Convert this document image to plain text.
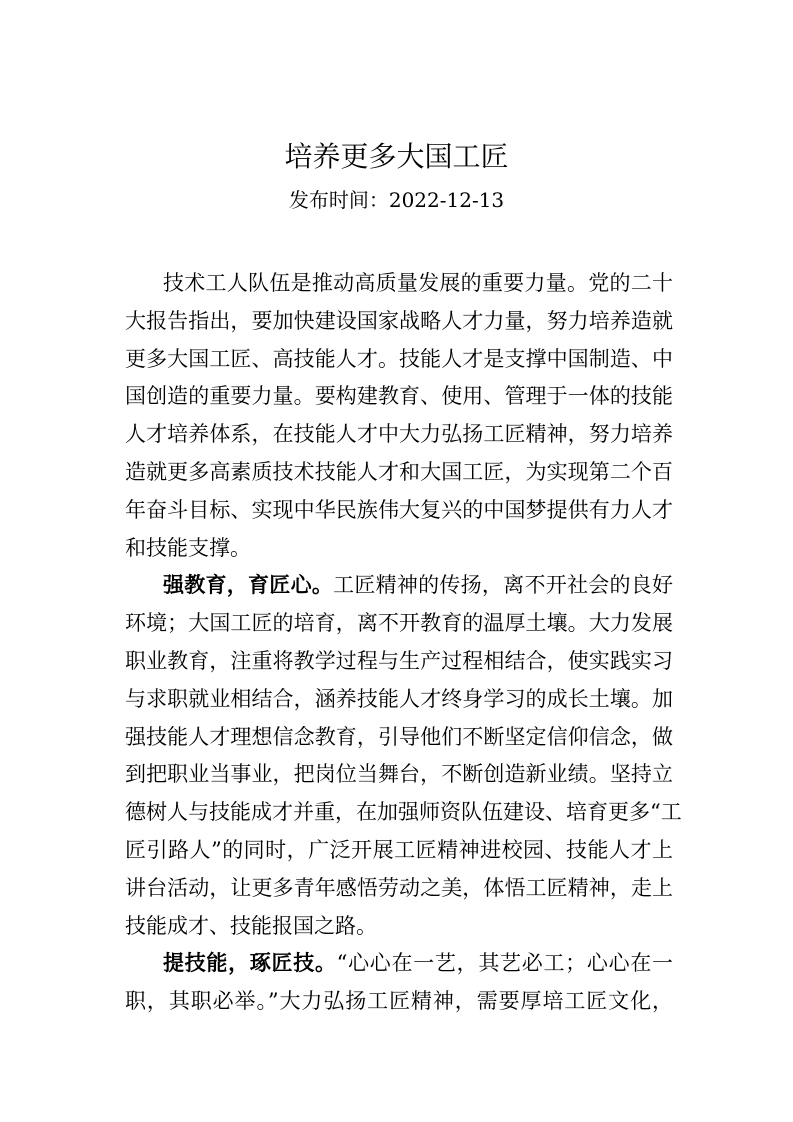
培养更多大国工匠
发布时间：2022-12-13
技术工人队伍是推动高质量发展的重要力量。党的二十
大报告指出，要加快建设国家战略人才力量，努力培养造就
更多大国工匠、高技能人才。技能人才是支撑中国制造、中
国创造的重要力量。要构建教育、使用、管理于一体的技能
人才培养体系，在技能人才中大力弘扬工匠精神，努力培养
造就更多高素质技术技能人才和大国工匠，为实现第二个百
年奋斗目标、实现中华民族伟大复兴的中国梦提供有力人才
和技能支撑。
强教育，育匠心。工匠精神的传扬，离不开社会的良好
环境；大国工匠的培育，离不开教育的温厚土壤。大力发展
职业教育，注重将教学过程与生产过程相结合，使实践实习
与求职就业相结合，涵养技能人才终身学习的成长土壤。加
强技能人才理想信念教育，引导他们不断坚定信仰信念，做
到把职业当事业，把岗位当舞台，不断创造新业绩。坚持立
德树人与技能成才并重，在加强师资队伍建设、培育更多“工
匠引路人”的同时，广泛开展工匠精神进校园、技能人才上
讲台活动，让更多青年感悟劳动之美，体悟工匠精神，走上
技能成才、技能报国之路。
提技能，琢匠技。“心心在一艺，其艺必工；心心在一
职，其职必举。”大力弘扬工匠精神，需要厚培工匠文化，
